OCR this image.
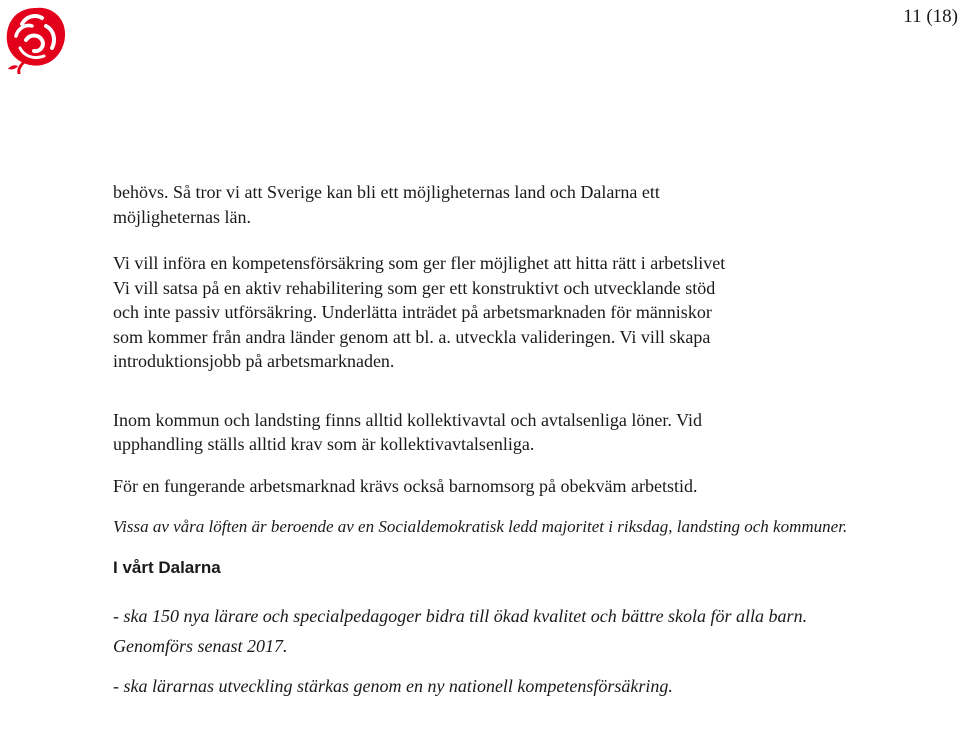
11 (18)
behövs. Så tror vi att Sverige kan bli ett möjligheternas land och Dalarna ett
möjligheternas län.
Vi vill införa en kompetensförsäkring som ger fler möjlighet att hitta rätt i arbetslivet
Vi vill satsa på en aktiv rehabilitering som ger ett konstruktivt och utvecklande stöd
och inte passiv utförsäkring. Underlätta inträdet på arbetsmarknaden för människor
som kommer från andra länder genom att bl. a. utveckla valideringen. Vi vill skapa
introduktionsjobb på arbetsmarknaden.
Inom kommun och landsting finns alltid kollektivavtal och avtalsenliga löner. Vid
upphandling ställs alltid krav som är kollektivavtalsenliga.
För en fungerande arbetsmarknad krävs också barnomsorg på obekväm arbetstid.
Vissa av våra löften är beroende av en Socialdemokratisk ledd majoritet i riksdag, landsting och kommuner.
I vårt Dalarna
- ska 150 nya lärare och specialpedagoger bidra till ökad kvalitet och bättre skola för alla barn.
Genomförs senast 2017.
- ska lärarnas utveckling stärkas genom en ny nationell kompetensförsäkring.
